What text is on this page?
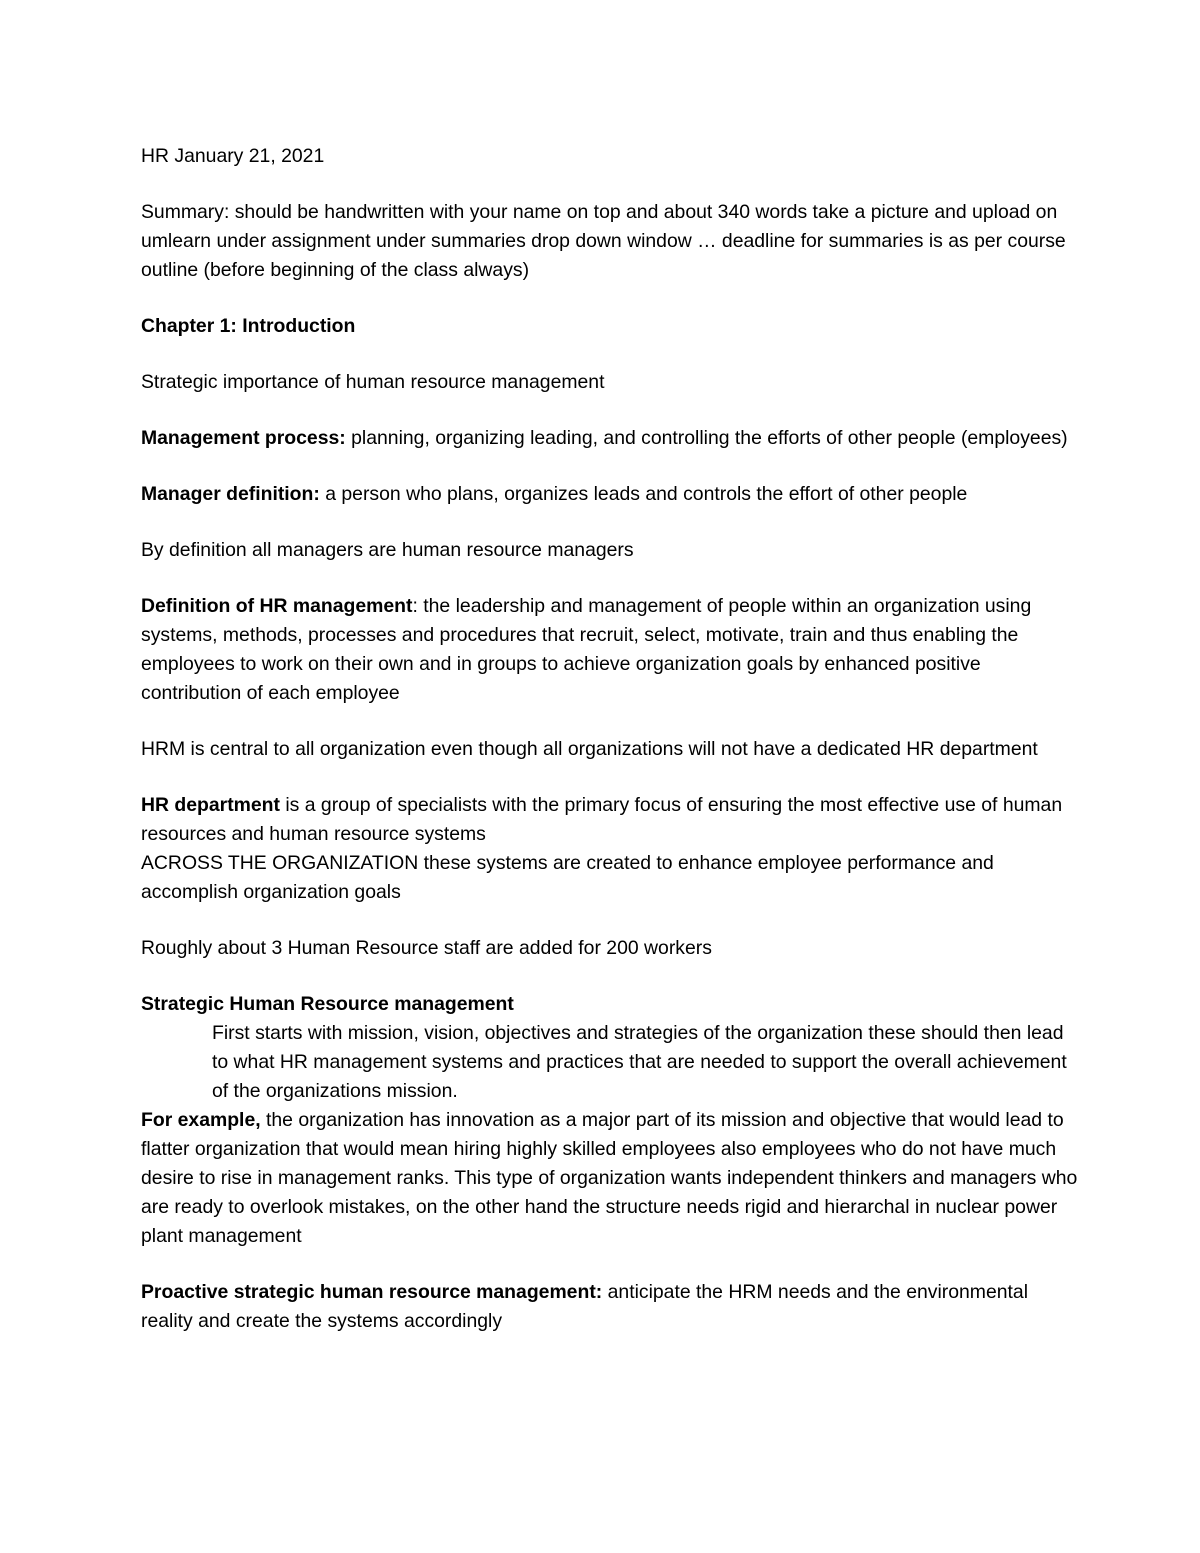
HR January 21, 2021

Summary: should be handwritten with your name on top and about 340 words take a picture and upload on umlearn under assignment under summaries drop down window … deadline for summaries is as per course outline (before beginning of the class always)

Chapter 1: Introduction

Strategic importance of human resource management

Management process: planning, organizing leading, and controlling the efforts of other people (employees)

Manager definition: a person who plans, organizes leads and controls the effort of other people

By definition all managers are human resource managers

Definition of HR management: the leadership and management of people within an organization using systems, methods, processes and procedures that recruit, select, motivate, train and thus enabling the employees to work on their own and in groups to achieve organization goals by enhanced positive contribution of each employee

HRM is central to all organization even though all organizations will not have a dedicated HR department

HR department is a group of specialists with the primary focus of ensuring the most effective use of human resources and human resource systems

ACROSS THE ORGANIZATION these systems are created to enhance employee performance and accomplish organization goals

Roughly about 3 Human Resource staff are added for 200 workers

Strategic Human Resource management

First starts with mission, vision, objectives and strategies of the organization these should then lead to what HR management systems and practices that are needed to support the overall achievement of the organizations mission.

For example, the organization has innovation as a major part of its mission and objective that would lead to flatter organization that would mean hiring highly skilled employees also employees who do not have much desire to rise in management ranks. This type of organization wants independent thinkers and managers who are ready to overlook mistakes, on the other hand the structure needs rigid and hierarchal in nuclear power plant management

Proactive strategic human resource management: anticipate the HRM needs and the environmental reality and create the systems accordingly
